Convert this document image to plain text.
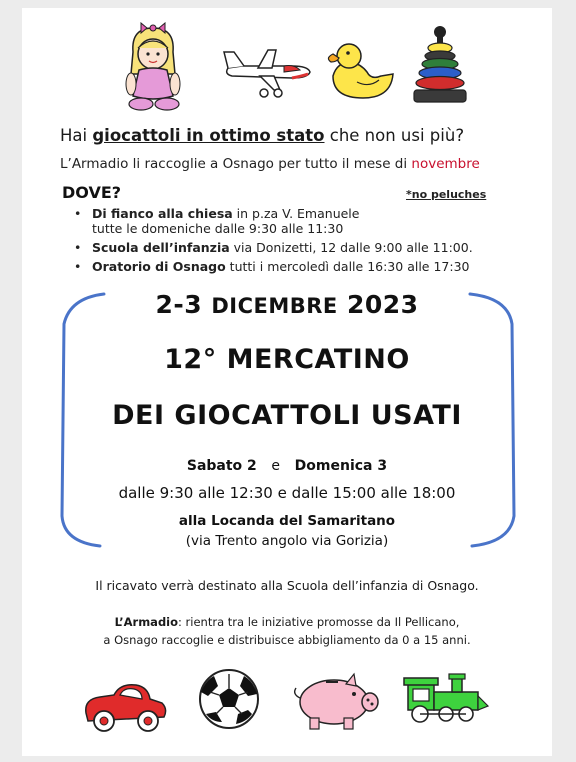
Hai giocattoli in ottimo stato che non usi più?
L’Armadio li raccoglie a Osnago per tutto il mese di novembre
DOVE?	*no peluches
• Di fianco alla chiesa in p.za V. Emanuele
tutte le domeniche dalle 9:30 alle 11:30
• Scuola dell’infanzia via Donizetti, 12 dalle 9:00 alle 11:00.
• Oratorio di Osnago tutti i mercoledì dalle 16:30 alle 17:30
2-3 DICEMBRE 2023
12° MERCATINO
DEI GIOCATTOLI USATI
Sabato 2 e Domenica 3
dalle 9:30 alle 12:30 e dalle 15:00 alle 18:00
alla Locanda del Samaritano
(via Trento angolo via Gorizia)
Il ricavato verrà destinato alla Scuola dell’infanzia di Osnago.
L’Armadio: rientra tra le iniziative promosse da Il Pellicano,
a Osnago raccoglie e distribuisce abbigliamento da 0 a 15 anni.
